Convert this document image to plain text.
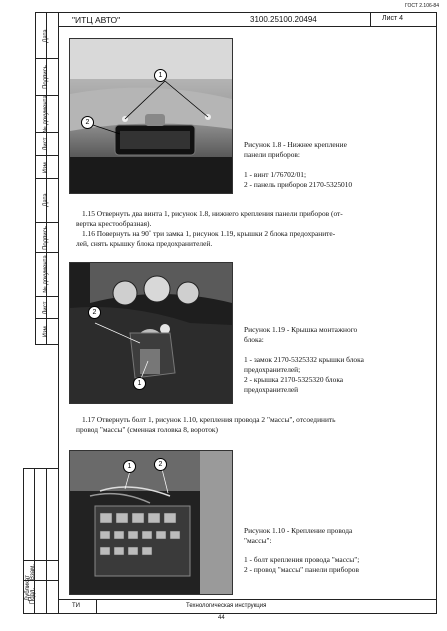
ГОСТ 2.106-84
"ИТЦ АВТО"	3100.25100.20494	Лист 4
Дата
Подпись
№ документа
Лист
Изм.
Дата
Подпись
№ документа
Лист
Изм.
Дубликат
Взам.
Подл.
1
2
Рисунок 1.8 - Нижнее крепление
панели приборов:
1 - винт 1/76702/01;
2 - панель приборов 2170-5325010
1.15 Отвернуть два винта 1, рисунок 1.8, нижнего крепления панели приборов (от-
вертка крестообразная).
1.16 Повернуть на 90˚ три замка 1, рисунок 1.19, крышки 2 блока предохраните-
лей, снять крышку блока предохранителей.
2
1
Рисунок 1.19 - Крышка монтажного
блока:
1 - замок 2170-5325332 крышки блока
предохранителей;
2 - крышка 2170-5325320 блока
предохранителей
1.17 Отвернуть болт 1, рисунок 1.10, крепления провода 2 "массы", отсоединить
провод "массы" (сменная головка 8, вороток)
1	2
Рисунок 1.10 - Крепление провода
"массы":
1 - болт крепления провода "массы";
2 - провод "массы" панели приборов
ТИ	Технологическая инструкция
44
